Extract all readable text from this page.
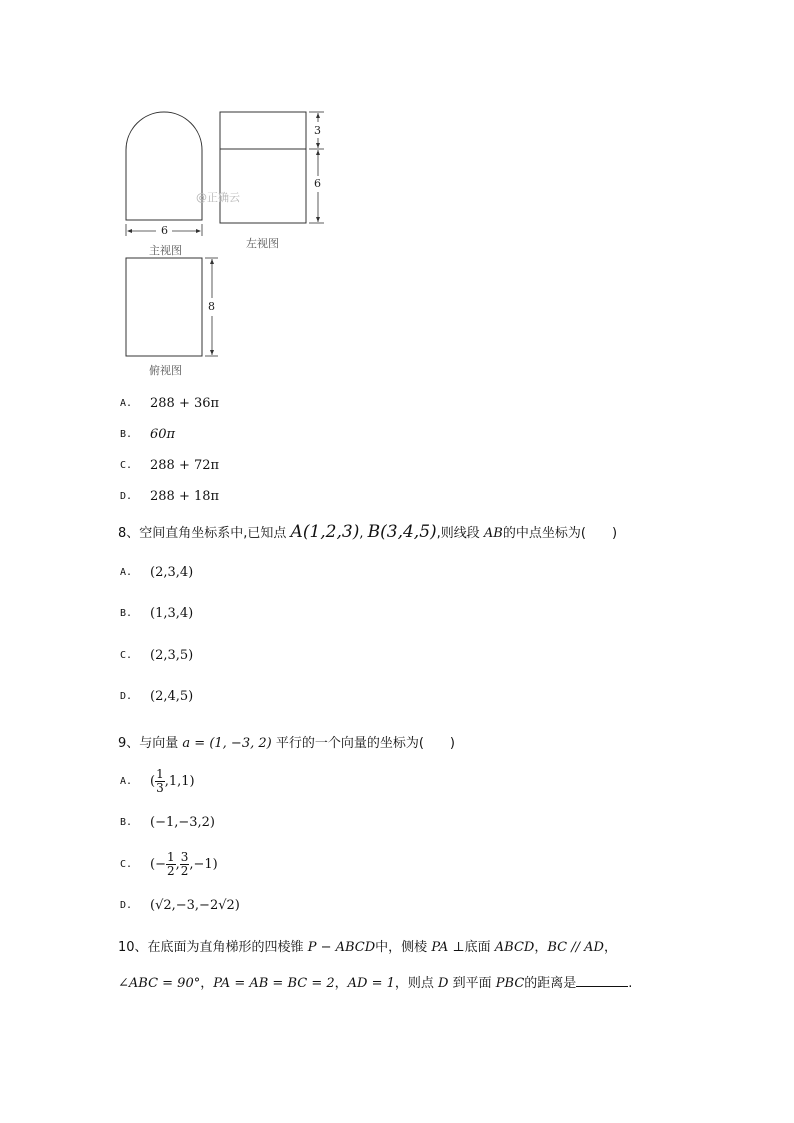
6
主视图
@正确云
3
6
左视图
8
俯视图
A.	288 + 36π
B.	60π
C.	288 + 72π
D.	288 + 18π
8、空间直角坐标系中,已知点 A(1,2,3), B(3,4,5),则线段 AB的中点坐标为(　　)
A.	(2,3,4)
B.	(1,3,4)
C.	(2,3,5)
D.	(2,4,5)
9、与向量 a = (1, −3, 2) 平行的一个向量的坐标为(　　)
A.	( $\frac{1}{3} ,1,1$)
B.	(−1,−3,2)
C.	(− $\frac{1}{2}$ , $\frac{3}{2} ,-1$)
D.	(√2,−3,−2√2)
10、在底面为直角梯形的四棱锥 P − ABCD中，侧棱 PA ⊥底面 ABCD，BC // AD，
∠ABC = 90°，PA = AB = BC = 2，AD = 1，则点 D 到平面 PBC的距离是	.
